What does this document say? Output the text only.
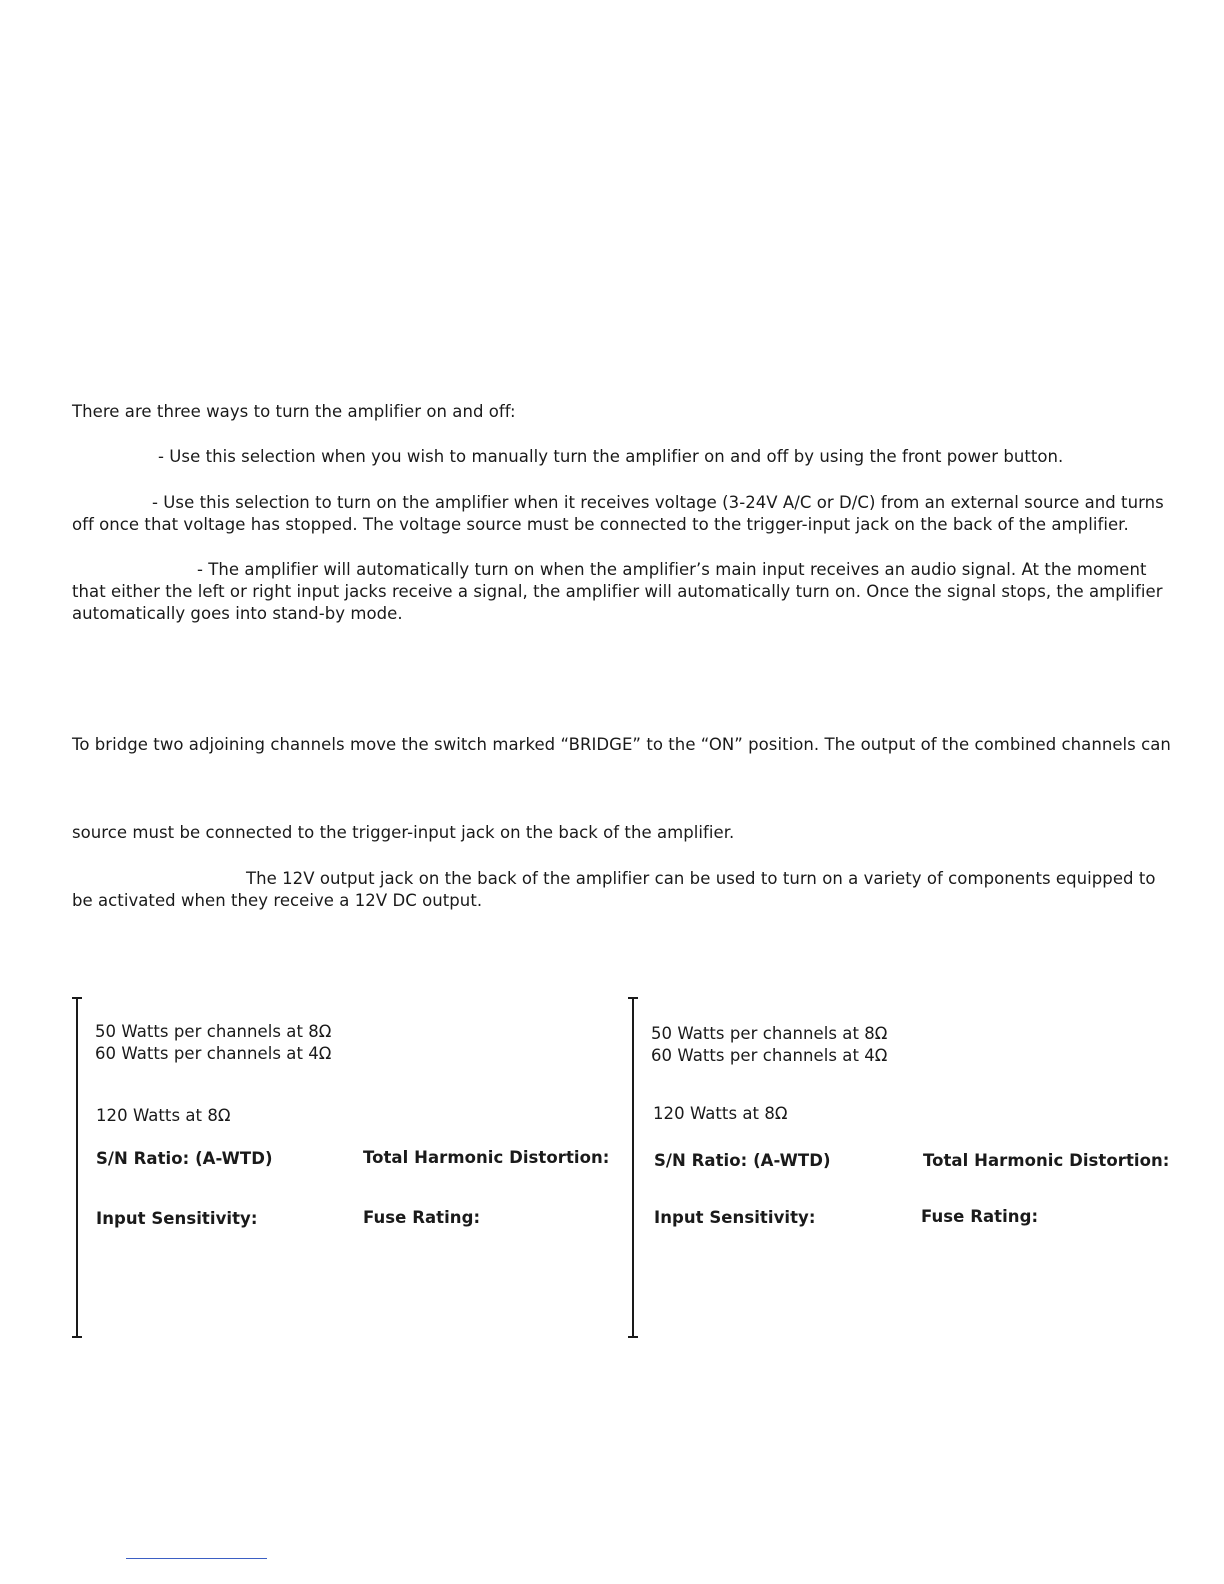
There are three ways to turn the amplifier on and off:
- Use this selection when you wish to manually turn the amplifier on and off by using the front power button.
- Use this selection to turn on the amplifier when it receives voltage (3-24V A/C or D/C) from an external source and turns
off once that voltage has stopped. The voltage source must be connected to the trigger-input jack on the back of the amplifier.
- The amplifier will automatically turn on when the amplifier’s main input receives an audio signal. At the moment
that either the left or right input jacks receive a signal, the amplifier will automatically turn on. Once the signal stops, the amplifier
automatically goes into stand-by mode.
To bridge two adjoining channels move the switch marked “BRIDGE” to the “ON” position. The output of the combined channels can
source must be connected to the trigger-input jack on the back of the amplifier.
The 12V output jack on the back of the amplifier can be used to turn on a variety of components equipped to
be activated when they receive a 12V DC output.
50 Watts per channels at 8Ω
60 Watts per channels at 4Ω
120 Watts at 8Ω
S/N Ratio: (A-WTD)	Total Harmonic Distortion:
Input Sensitivity:	Fuse Rating:
50 Watts per channels at 8Ω
60 Watts per channels at 4Ω
120 Watts at 8Ω
S/N Ratio: (A-WTD)	Total Harmonic Distortion:
Input Sensitivity:	Fuse Rating:
